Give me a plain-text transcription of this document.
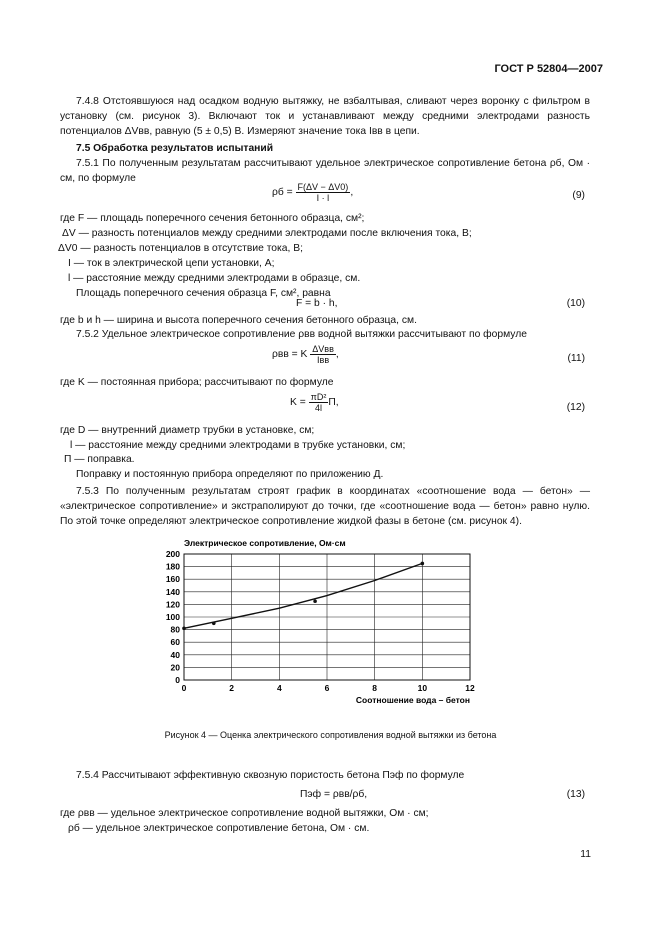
ГОСТ Р 52804—2007
7.4.8 Отстоявшуюся над осадком водную вытяжку, не взбалтывая, сливают через воронку с фильтром в установку (см. рисунок 3). Включают ток и устанавливают между средними электродами разность потенциалов ΔVвв, равную (5 ± 0,5) В. Измеряют значение тока Iвв в цепи.
7.5 Обработка результатов испытаний
7.5.1 По полученным результатам рассчитывают удельное электрическое сопротивление бетона ρб, Ом · см, по формуле
$\rho б = \frac{F(\Delta V - \Delta V0)}{I \cdot l}$ ,	(9)
где F — площадь поперечного сечения бетонного образца, см²;
ΔV — разность потенциалов между средними электродами после включения тока, В;
ΔV0 — разность потенциалов в отсутствие тока, В;
I — ток в электрической цепи установки, А;
l — расстояние между средними электродами в образце, см.
Площадь поперечного сечения образца F, см², равна
F = b · h,	(10)
где b и h — ширина и высота поперечного сечения бетонного образца, см.
7.5.2 Удельное электрическое сопротивление ρвв водной вытяжки рассчитывают по формуле
ρвв = K $\frac{\text{ΔVвв}}{\text{Iвв}}$ ,	(11)
где K — постоянная прибора; рассчитывают по формуле
$K = \frac{\text{πD²}}{4l} П$,	(12)
где D — внутренний диаметр трубки в установке, см;
l — расстояние между средними электродами в трубке установки, см;
П — поправка.
Поправку и постоянную прибора определяют по приложению Д.
7.5.3 По полученным результатам строят график в координатах «соотношение вода — бетон» — «электрическое сопротивление» и экстраполируют до точки, где «соотношение вода — бетон» равно нулю. По этой точке определяют электрическое сопротивление жидкой фазы в бетоне (см. рисунок 4).
0
20
40
60
80
100
120
140
160
180
200
0	2	4	6	8	10	12
Электрическое сопротивление, Ом·см
Соотношение вода – бетон
Рисунок 4 — Оценка электрического сопротивления водной вытяжки из бетона
7.5.4 Рассчитывают эффективную сквозную пористость бетона Пэф по формуле
Пэф = ρвв/ρб,	(13)
где ρвв — удельное электрическое сопротивление водной вытяжки, Ом · см;
ρб — удельное электрическое сопротивление бетона, Ом · см.
11
